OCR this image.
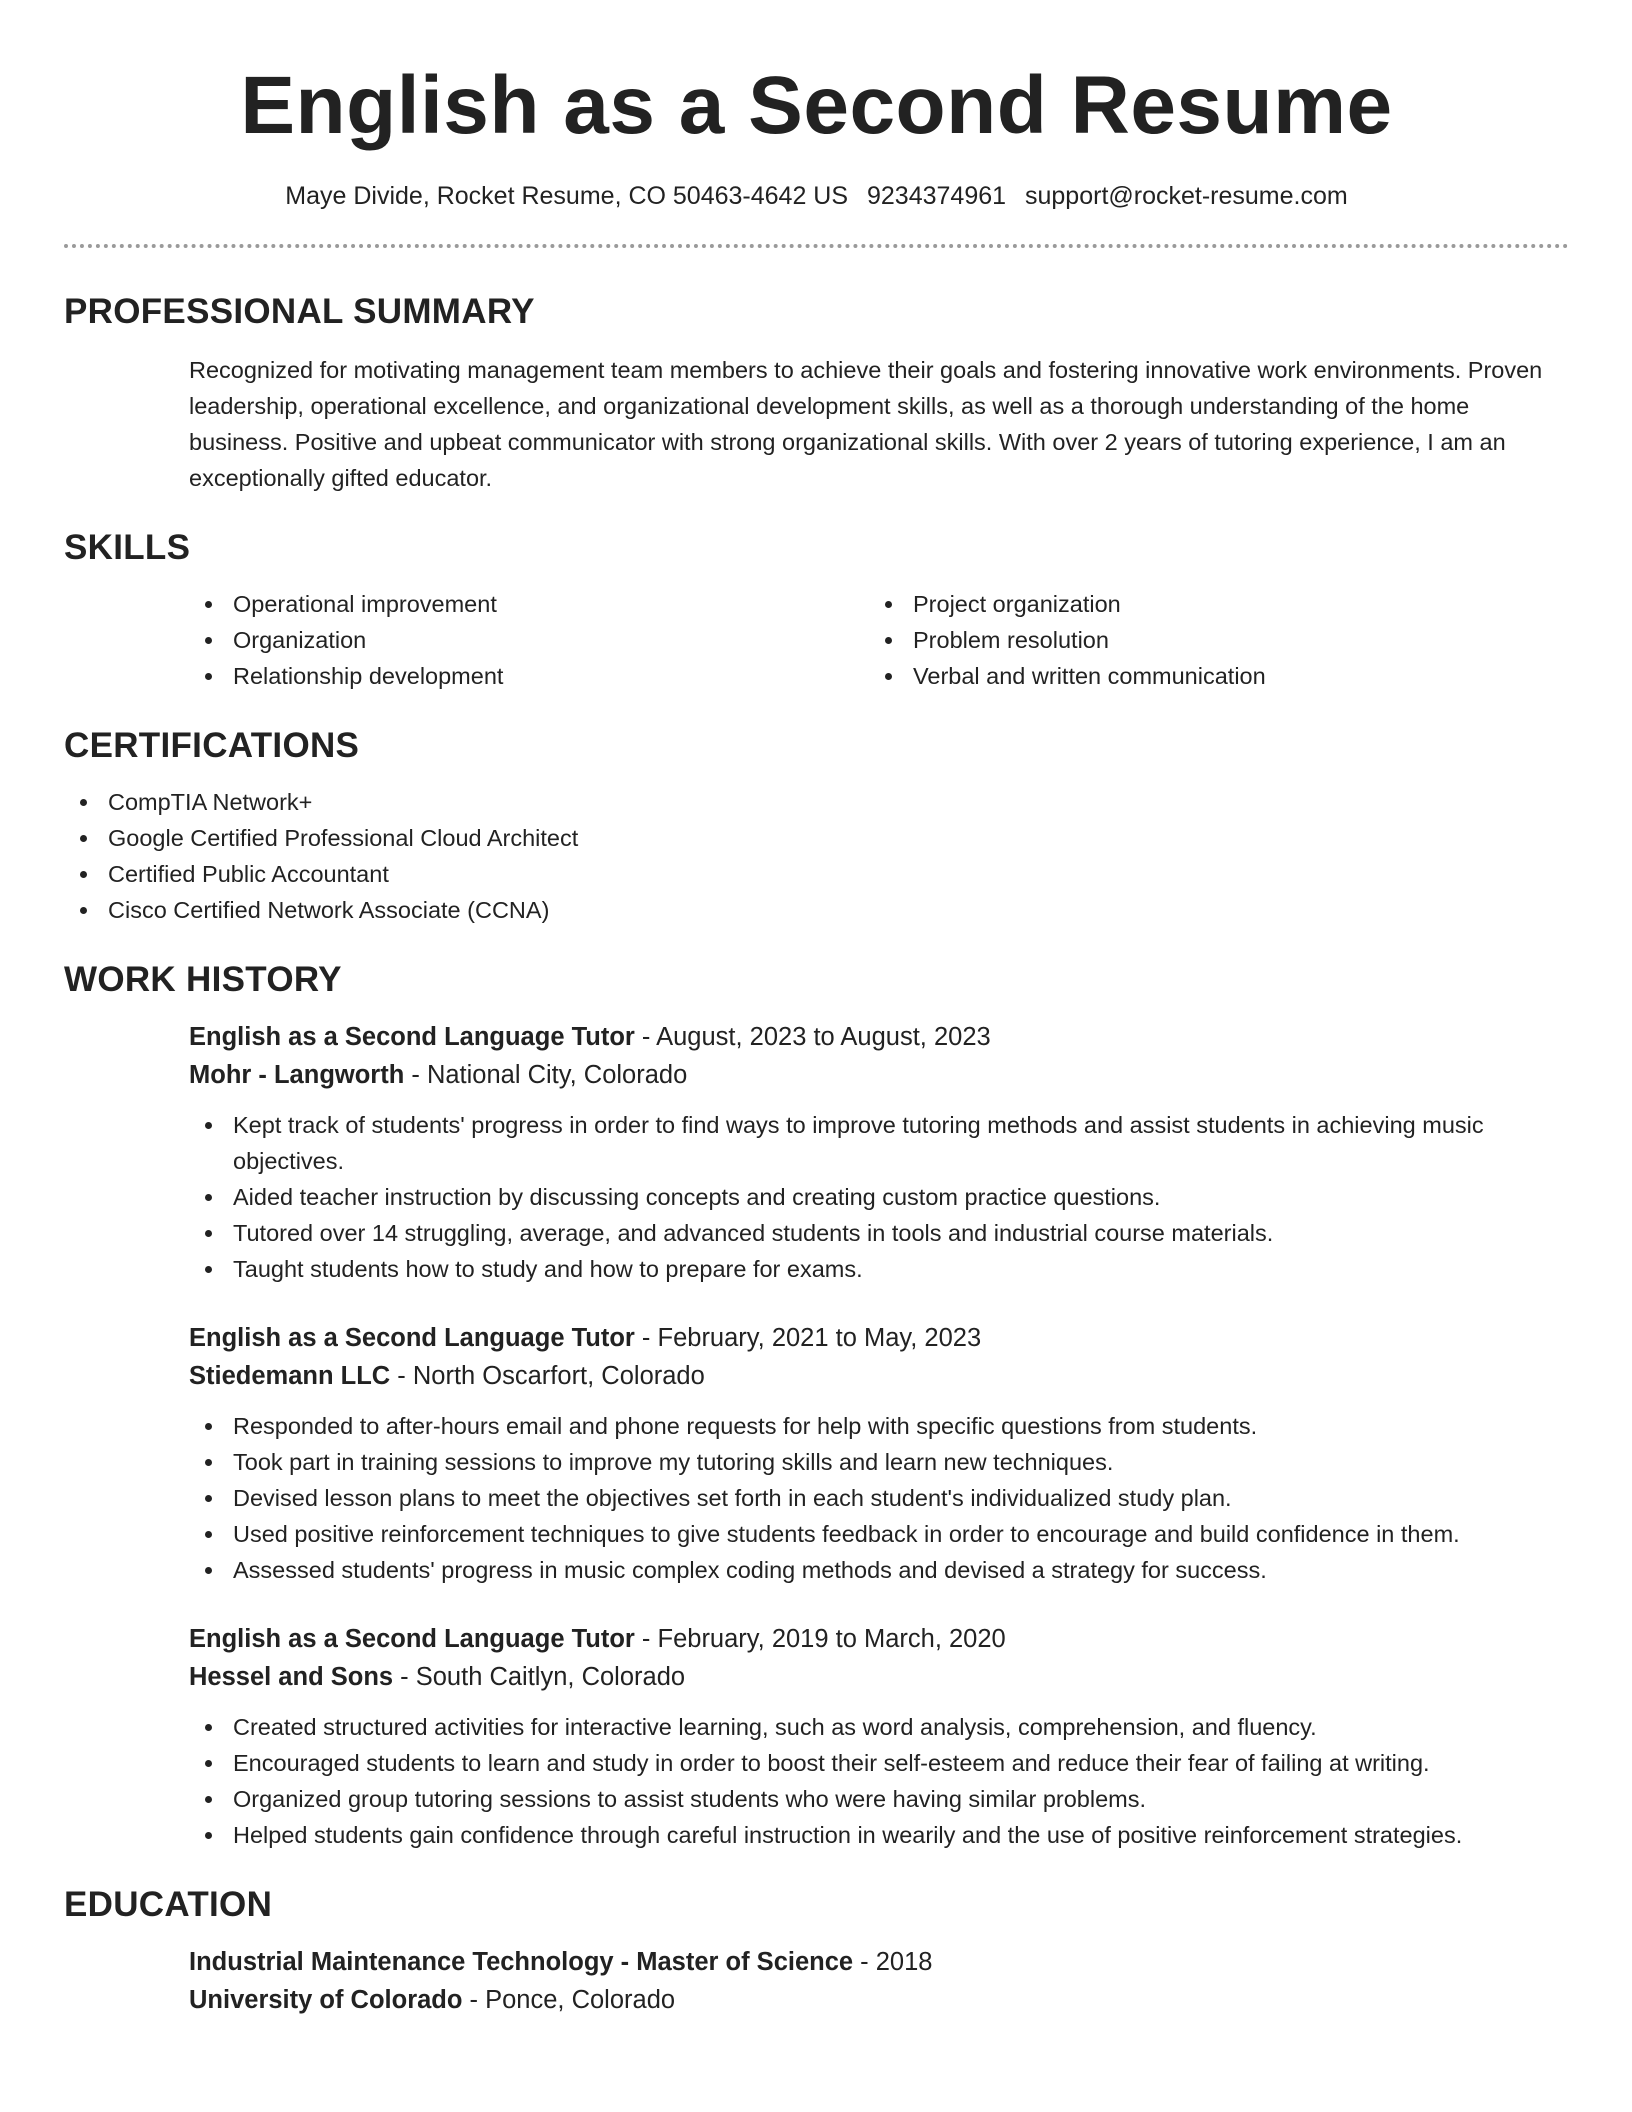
English as a Second Resume
Maye Divide, Rocket Resume, CO 50463-4642 US 9234374961 support@rocket-resume.com
PROFESSIONAL SUMMARY

Recognized for motivating management team members to achieve their goals and fostering innovative work environments. Proven leadership, operational excellence, and organizational development skills, as well as a thorough understanding of the home business. Positive and upbeat communicator with strong organizational skills. With over 2 years of tutoring experience, I am an exceptionally gifted educator.

SKILLS
Operational improvement
Organization
Relationship development
Project organization
Problem resolution
Verbal and written communication
CERTIFICATIONS
CompTIA Network+
Google Certified Professional Cloud Architect
Certified Public Accountant
Cisco Certified Network Associate (CCNA)
WORK HISTORY
English as a Second Language Tutor - August, 2023 to August, 2023
Mohr - Langworth - National City, Colorado
Kept track of students' progress in order to find ways to improve tutoring methods and assist students in achieving music objectives.
Aided teacher instruction by discussing concepts and creating custom practice questions.
Tutored over 14 struggling, average, and advanced students in tools and industrial course materials.
Taught students how to study and how to prepare for exams.
English as a Second Language Tutor - February, 2021 to May, 2023
Stiedemann LLC - North Oscarfort, Colorado
Responded to after-hours email and phone requests for help with specific questions from students.
Took part in training sessions to improve my tutoring skills and learn new techniques.
Devised lesson plans to meet the objectives set forth in each student's individualized study plan.
Used positive reinforcement techniques to give students feedback in order to encourage and build confidence in them.
Assessed students' progress in music complex coding methods and devised a strategy for success.
English as a Second Language Tutor - February, 2019 to March, 2020
Hessel and Sons - South Caitlyn, Colorado
Created structured activities for interactive learning, such as word analysis, comprehension, and fluency.
Encouraged students to learn and study in order to boost their self-esteem and reduce their fear of failing at writing.
Organized group tutoring sessions to assist students who were having similar problems.
Helped students gain confidence through careful instruction in wearily and the use of positive reinforcement strategies.
EDUCATION
Industrial Maintenance Technology - Master of Science - 2018
University of Colorado - Ponce, Colorado
